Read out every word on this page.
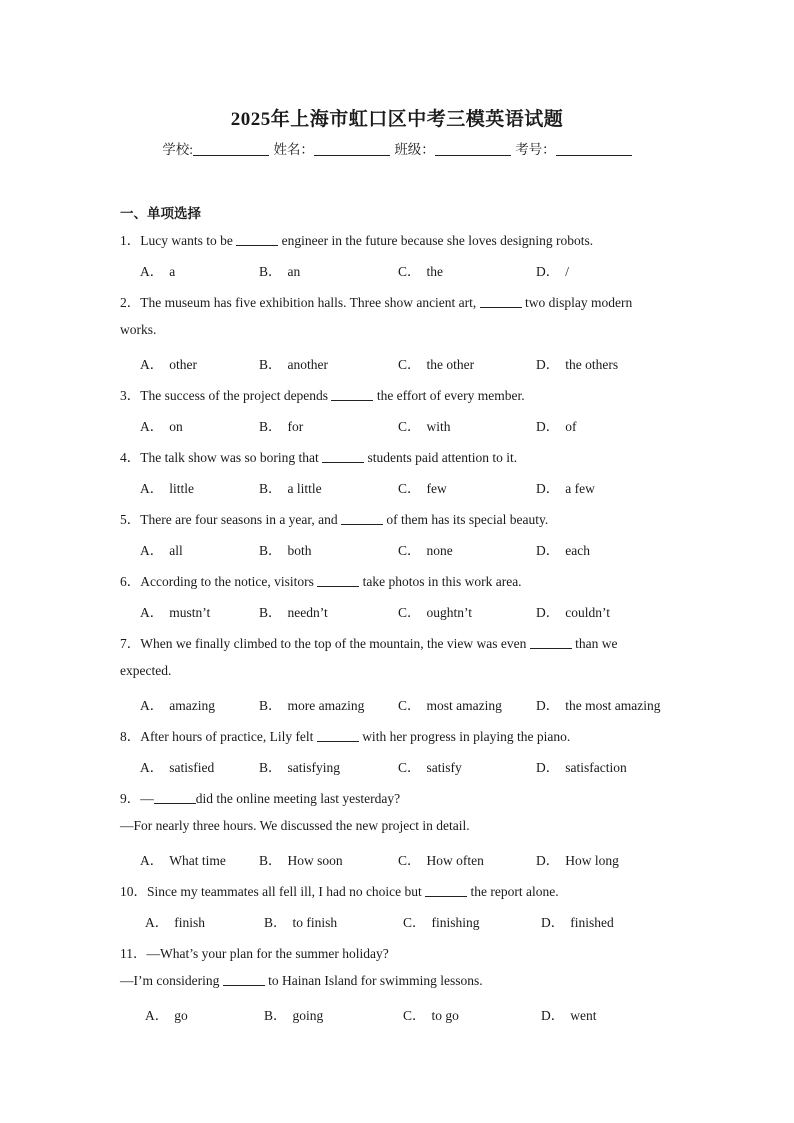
2025年上海市虹口区中考三模英语试题
学校:	姓名：	班级：	考号：
一、单项选择
1．Lucy wants to be	engineer in the future because she loves designing robots.
A． a	B． an	C． the	D． /
2．The museum has five exhibition halls. Three show ancient art,	two display modern
works.
A． other	B． another	C． the other	D． the others
3．The success of the project depends	the effort of every member.
A． on	B． for	C． with	D． of
4．The talk show was so boring that	students paid attention to it.
A． little	B． a little	C． few	D． a few
5．There are four seasons in a year, and	of them has its special beauty.
A． all	B． both	C． none	D． each
6．According to the notice, visitors	take photos in this work area.
A． mustn’t	B． needn’t	C． oughtn’t	D． couldn’t
7．When we finally climbed to the top of the mountain, the view was even	than we
expected.
A． amazing	B． more amazing C． most amazing	D． the most amazing
8．After hours of practice, Lily felt	with her progress in playing the piano.
A． satisfied	B． satisfying	C． satisfy	D． satisfaction
9．—	did the online meeting last yesterday?
—For nearly three hours. We discussed the new project in detail.
A． What time B． How soon	C． How often	D． How long
10．Since my teammates all fell ill, I had no choice but	the report alone.
A． finish	B． to finish	C． finishing	D． finished
11．—What’s your plan for the summer holiday?
—I’m considering	to Hainan Island for swimming lessons.
A． go	B． going	C． to go	D． went
